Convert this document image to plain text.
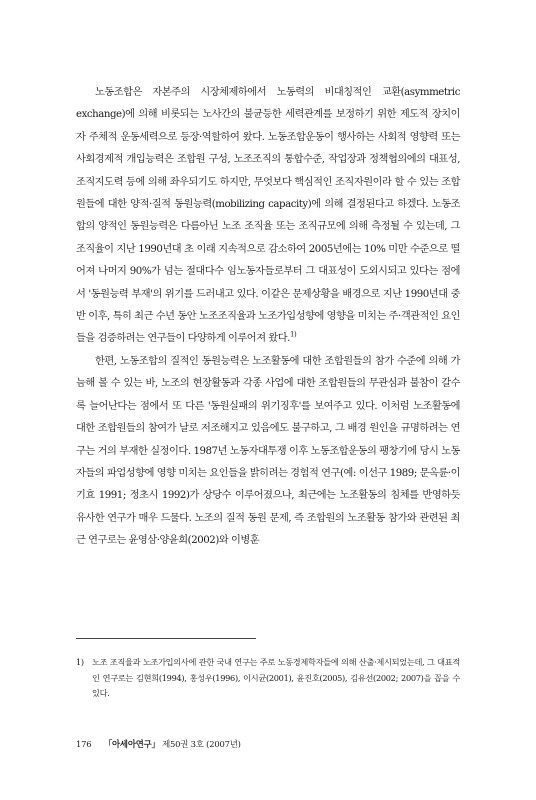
노동조합은 자본주의 시장체제하에서 노동력의 비대칭적인 교환(asymmetric exchange)에 의해 비롯되는 노사간의 불균등한 세력관계를 보정하기 위한 제도적 장치이자 주체적 운동세력으로 등장·역할하여 왔다. 노동조합운동이 행사하는 사회적 영향력 또는 사회경제적 개입능력은 조합원 구성, 노조조직의 통합수준, 작업장과 정책협의에의 대표성, 조직지도력 등에 의해 좌우되기도 하지만, 무엇보다 핵심적인 조직자원이라 할 수 있는 조합원들에 대한 양적·질적 동원능력(mobilizing capacity)에 의해 결정된다고 하겠다. 노동조합의 양적인 동원능력은 다름아닌 노조 조직율 또는 조직규모에 의해 측정될 수 있는데, 그 조직율이 지난 1990년대 초 이래 지속적으로 감소하여 2005년에는 10% 미만 수준으로 떨어져 나머지 90%가 넘는 절대다수 임노동자들로부터 그 대표성이 도외시되고 있다는 점에서 '동원능력 부재'의 위기를 드러내고 있다. 이같은 문제상황을 배경으로 지난 1990년대 중반 이후, 특히 최근 수년 동안 노조조직율과 노조가입성향에 영향을 미치는 주·객관적인 요인들을 검증하려는 연구들이 다양하게 이루어져 왔다.$^{1)}$

한편, 노동조합의 질적인 동원능력은 노조활동에 대한 조합원들의 참가 수준에 의해 가늠해 볼 수 있는 바, 노조의 현장활동과 각종 사업에 대한 조합원들의 무관심과 불참이 갈수록 늘어난다는 점에서 또 다른 '동원실패의 위기징후'를 보여주고 있다. 이처럼 노조활동에 대한 조합원들의 참여가 날로 저조해지고 있음에도 불구하고, 그 배경 원인을 규명하려는 연구는 거의 부재한 실정이다. 1987년 노동자대투쟁 이후 노동조합운동의 팽창기에 당시 노동자들의 파업성향에 영향 미치는 요인들을 밝히려는 경험적 연구(예: 이선구 1989; 문옥륜·이기효 1991; 정초시 1992)가 상당수 이루어졌으나, 최근에는 노조활동의 침체를 반영하듯 유사한 연구가 매우 드물다. 노조의 질적 동원 문제, 즉 조합원의 노조활동 참가와 관련된 최근 연구로는 윤영삼·양윤희(2002)와 이병훈

1) 노조 조직율과 노조가입의사에 관한 국내 연구는 주로 노동경제학자들에 의해 산출·제시되었는데, 그 대표적인 연구로는 김현희(1994), 홍성우(1996), 이시균(2001), 윤진호(2005), 김유선(2002; 2007)을 꼽을 수 있다.
176 「아세아연구」 제50권 3호 (2007년)
